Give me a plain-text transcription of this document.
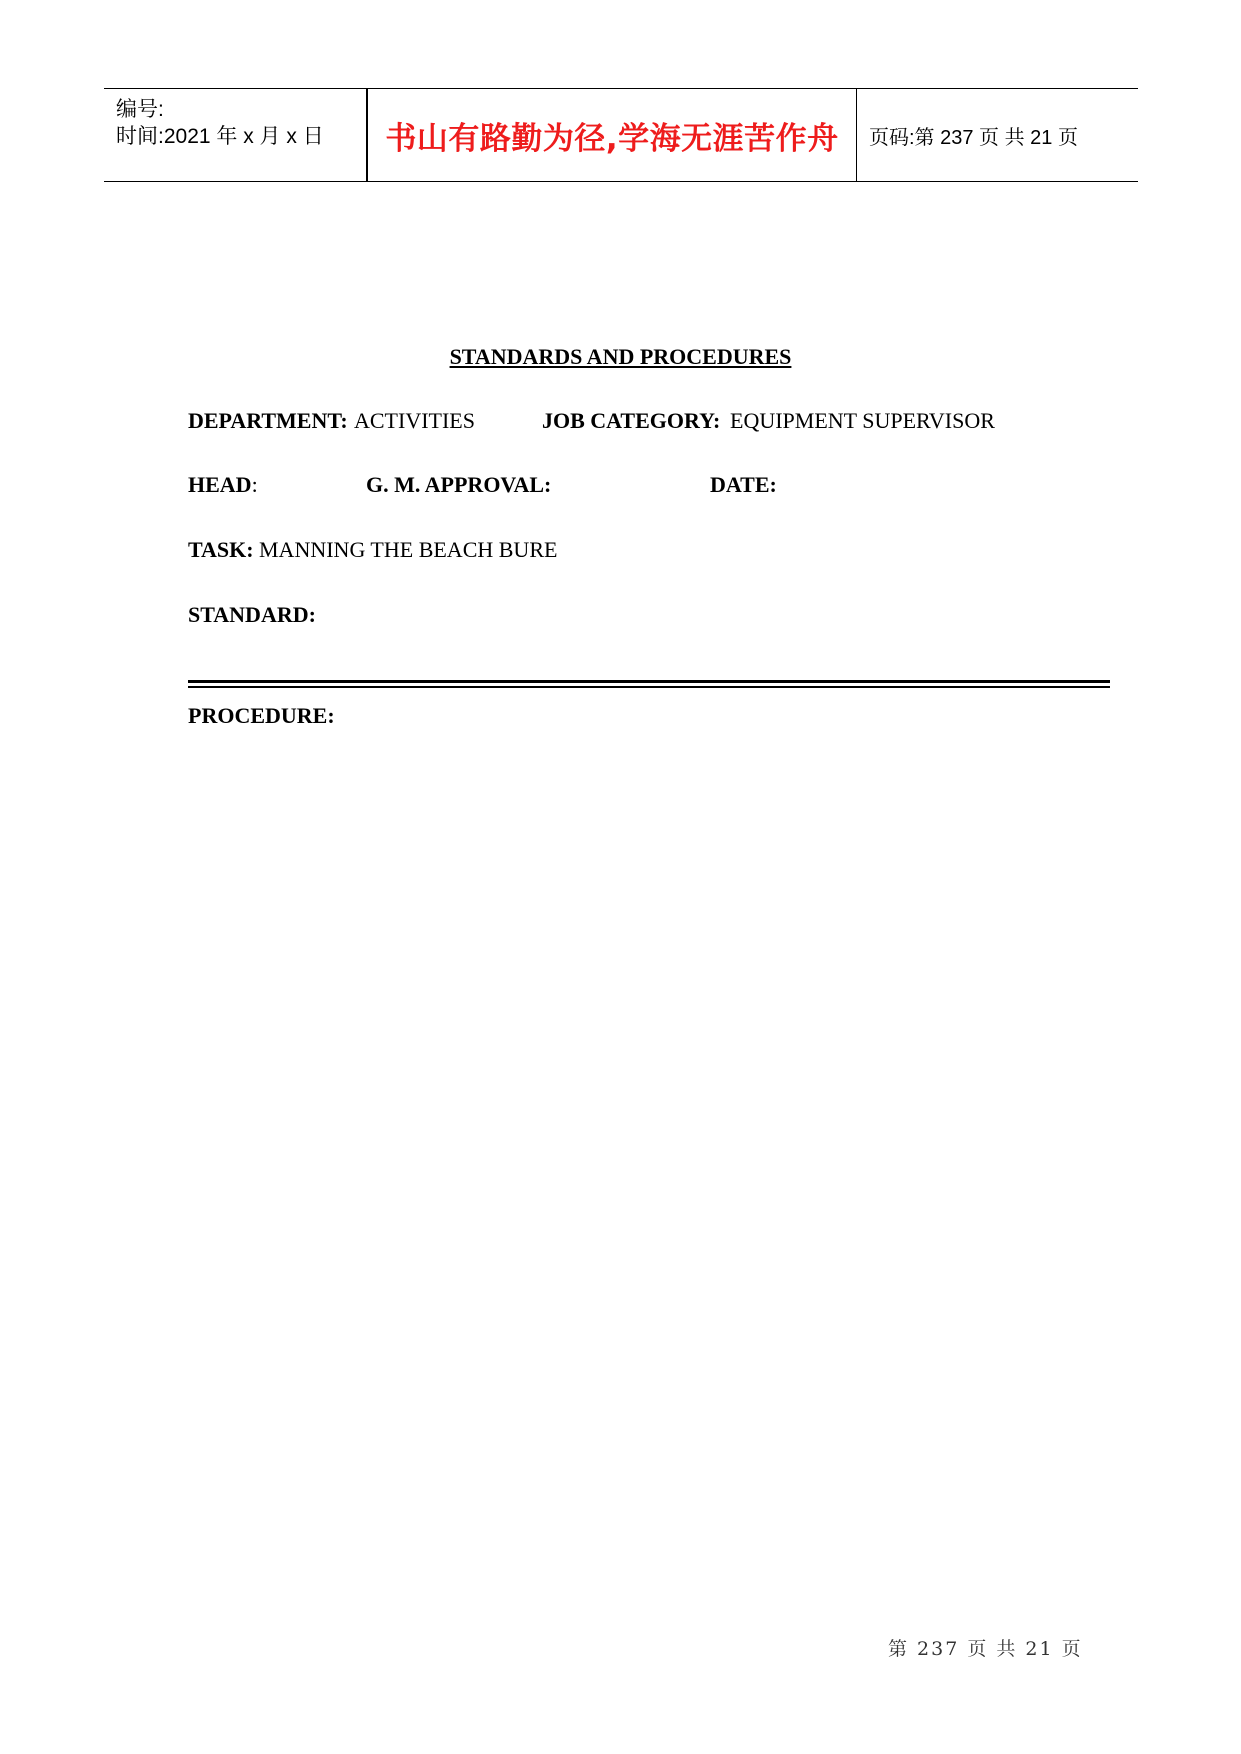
编号:
时间:2021 年 x 月 x 日 书山有路勤为径,学海无涯苦作舟 页码:第 237 页 共 21 页
STANDARDS AND PROCEDURES
DEPARTMENT: ACTIVITIES	JOB CATEGORY: EQUIPMENT SUPERVISOR
HEAD:	G. M. APPROVAL:	DATE:
TASK: MANNING THE BEACH BURE
STANDARD:
PROCEDURE:
第 237 页 共 21 页
